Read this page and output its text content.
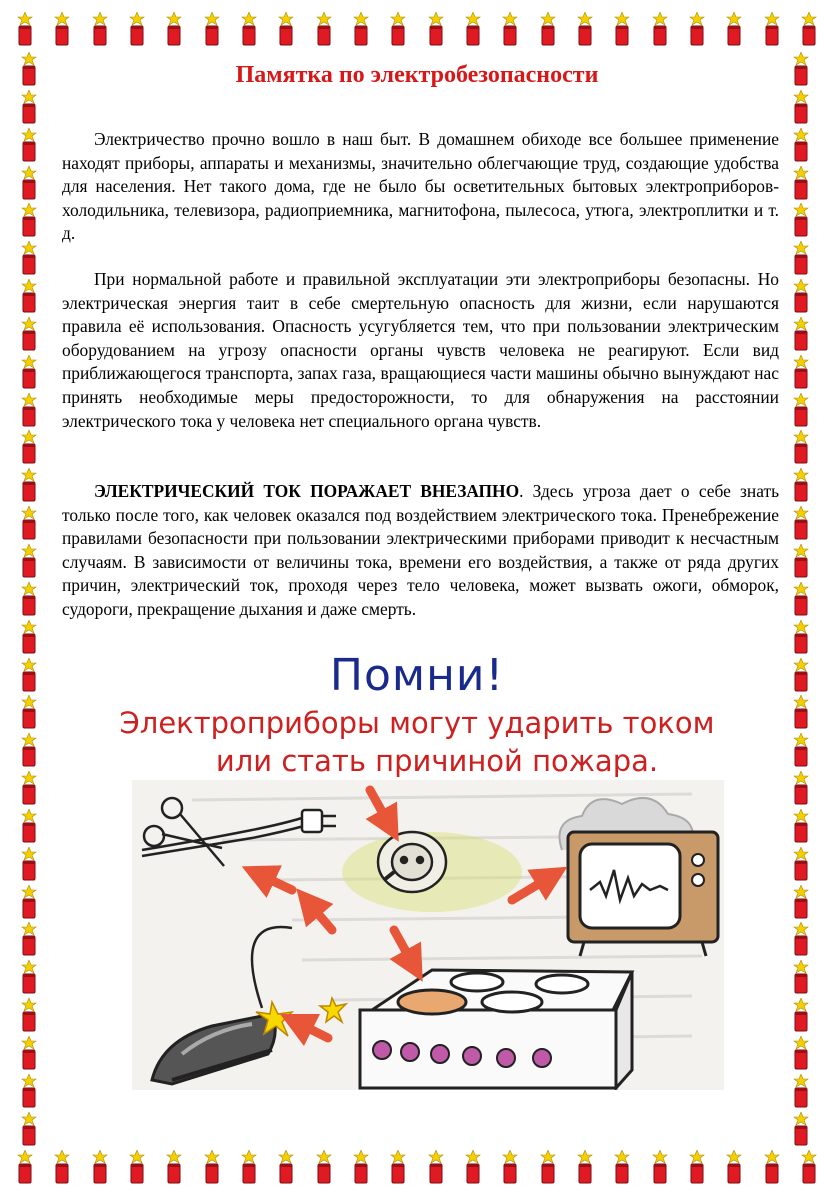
Памятка по электробезопасности

Электричество прочно вошло в наш быт. В домашнем обиходе все большее применение находят приборы, аппараты и механизмы, значительно облегчающие труд, создающие удобства для населения. Нет такого дома, где не было бы осветительных бытовых электроприборов- холодильника, телевизора, радиоприемника, магнитофона, пылесоса, утюга, электроплитки и т. д.

При нормальной работе и правильной эксплуатации эти электроприборы безопасны. Но электрическая энергия таит в себе смертельную опасность для жизни, если нарушаются правила её использования. Опасность усугубляется тем, что при пользовании электрическим оборудованием на угрозу опасности органы чувств человека не реагируют. Если вид приближающегося транспорта, запах газа, вращающиеся части машины обычно вынуждают нас принять необходимые меры предосторожности, то для обнаружения на расстоянии электрического тока у человека нет специального органа чувств.

ЭЛЕКТРИЧЕСКИЙ ТОК ПОРАЖАЕТ ВНЕЗАПНО. Здесь угроза дает о себе знать только после того, как человек оказался под воздействием электрического тока. Пренебрежение правилами безопасности при пользовании электрическими приборами приводит к несчастным случаям. В зависимости от величины тока, времени его воздействия, а также от ряда других причин, электрический ток, проходя через тело человека, может вызвать ожоги, обморок, судороги, прекращение дыхания и даже смерть.

Помни!
Электроприборы могут ударить током
или стать причиной пожара.
